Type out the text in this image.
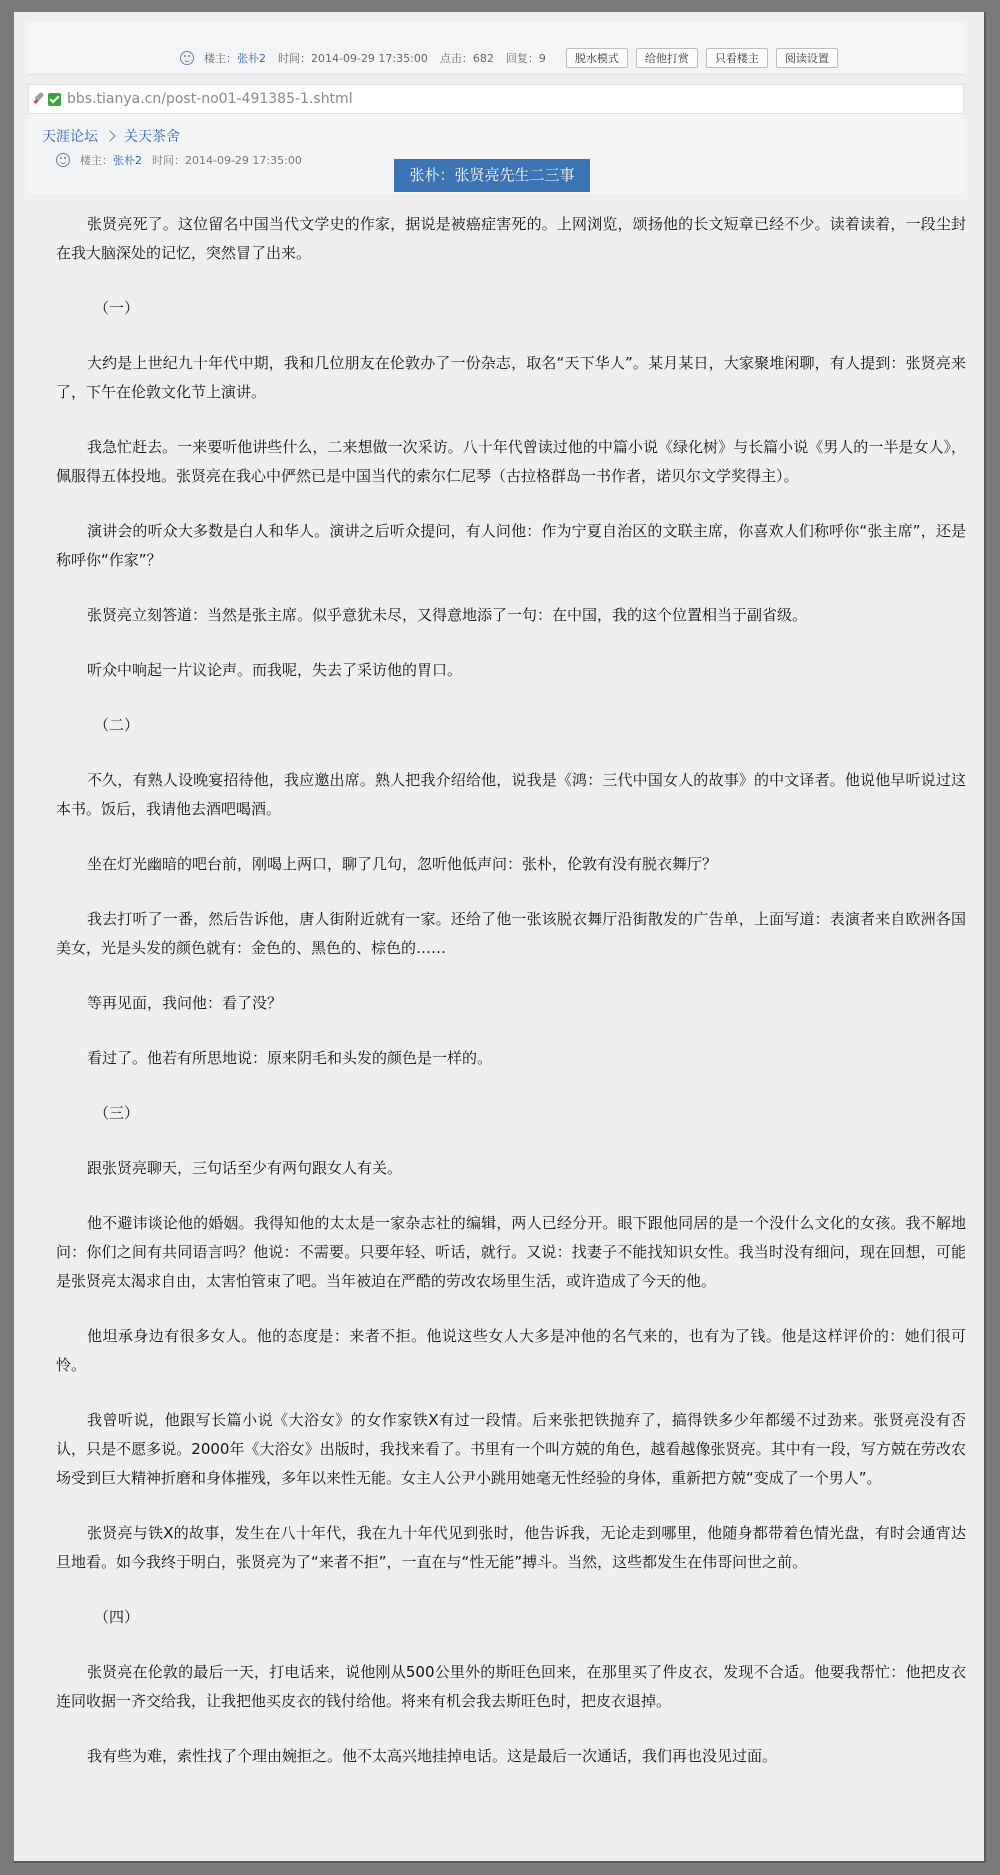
楼主： 张朴2 时间： 2014-09-29 17:35:00 点击： 682 回复： 9	脱水模式	给他打赏	只看楼主	阅读设置
bbs.tianya.cn/post-no01-491385-1.shtml
天涯论坛 关天茶舍
楼主： 张朴2 时间： 2014-09-29 17:35:00
张朴：张贤亮先生二三事

张贤亮死了。这位留名中国当代文学史的作家，据说是被癌症害死的。上网浏览，颂扬他的长文短章已经不少。读着读着，一段尘封在我大脑深处的记忆，突然冒了出来。

（一）

大约是上世纪九十年代中期，我和几位朋友在伦敦办了一份杂志，取名“天下华人”。某月某日，大家聚堆闲聊，有人提到：张贤亮来了，下午在伦敦文化节上演讲。

我急忙赶去。一来要听他讲些什么，二来想做一次采访。八十年代曾读过他的中篇小说《绿化树》与长篇小说《男人的一半是女人》，佩服得五体投地。张贤亮在我心中俨然已是中国当代的索尔仁尼琴（古拉格群岛一书作者，诺贝尔文学奖得主）。

演讲会的听众大多数是白人和华人。演讲之后听众提问，有人问他：作为宁夏自治区的文联主席，你喜欢人们称呼你“张主席”，还是称呼你“作家”？

张贤亮立刻答道：当然是张主席。似乎意犹未尽，又得意地添了一句：在中国，我的这个位置相当于副省级。

听众中响起一片议论声。而我呢，失去了采访他的胃口。

（二）

不久，有熟人设晚宴招待他，我应邀出席。熟人把我介绍给他，说我是《鸿：三代中国女人的故事》的中文译者。他说他早听说过这本书。饭后，我请他去酒吧喝酒。

坐在灯光幽暗的吧台前，刚喝上两口，聊了几句，忽听他低声问：张朴，伦敦有没有脱衣舞厅？

我去打听了一番，然后告诉他，唐人街附近就有一家。还给了他一张该脱衣舞厅沿街散发的广告单，上面写道：表演者来自欧洲各国美女，光是头发的颜色就有：金色的、黑色的、棕色的……

等再见面，我问他：看了没？

看过了。他若有所思地说：原来阴毛和头发的颜色是一样的。

（三）

跟张贤亮聊天，三句话至少有两句跟女人有关。

他不避讳谈论他的婚姻。我得知他的太太是一家杂志社的编辑，两人已经分开。眼下跟他同居的是一个没什么文化的女孩。我不解地问：你们之间有共同语言吗？他说：不需要。只要年轻、听话，就行。又说：找妻子不能找知识女性。我当时没有细问，现在回想，可能是张贤亮太渴求自由，太害怕管束了吧。当年被迫在严酷的劳改农场里生活，或许造成了今天的他。

他坦承身边有很多女人。他的态度是：来者不拒。他说这些女人大多是冲他的名气来的，也有为了钱。他是这样评价的：她们很可怜。

我曾听说，他跟写长篇小说《大浴女》的女作家铁X有过一段情。后来张把铁抛弃了，搞得铁多少年都缓不过劲来。张贤亮没有否认，只是不愿多说。2000年《大浴女》出版时，我找来看了。书里有一个叫方兢的角色，越看越像张贤亮。其中有一段，写方兢在劳改农场受到巨大精神折磨和身体摧残，多年以来性无能。女主人公尹小跳用她毫无性经验的身体，重新把方兢“变成了一个男人”。

张贤亮与铁X的故事，发生在八十年代，我在九十年代见到张时，他告诉我，无论走到哪里，他随身都带着色情光盘，有时会通宵达旦地看。如今我终于明白，张贤亮为了“来者不拒”，一直在与“性无能”搏斗。当然，这些都发生在伟哥问世之前。

（四）

张贤亮在伦敦的最后一天，打电话来，说他刚从500公里外的斯旺色回来，在那里买了件皮衣，发现不合适。他要我帮忙：他把皮衣连同收据一齐交给我，让我把他买皮衣的钱付给他。将来有机会我去斯旺色时，把皮衣退掉。

我有些为难，索性找了个理由婉拒之。他不太高兴地挂掉电话。这是最后一次通话，我们再也没见过面。
